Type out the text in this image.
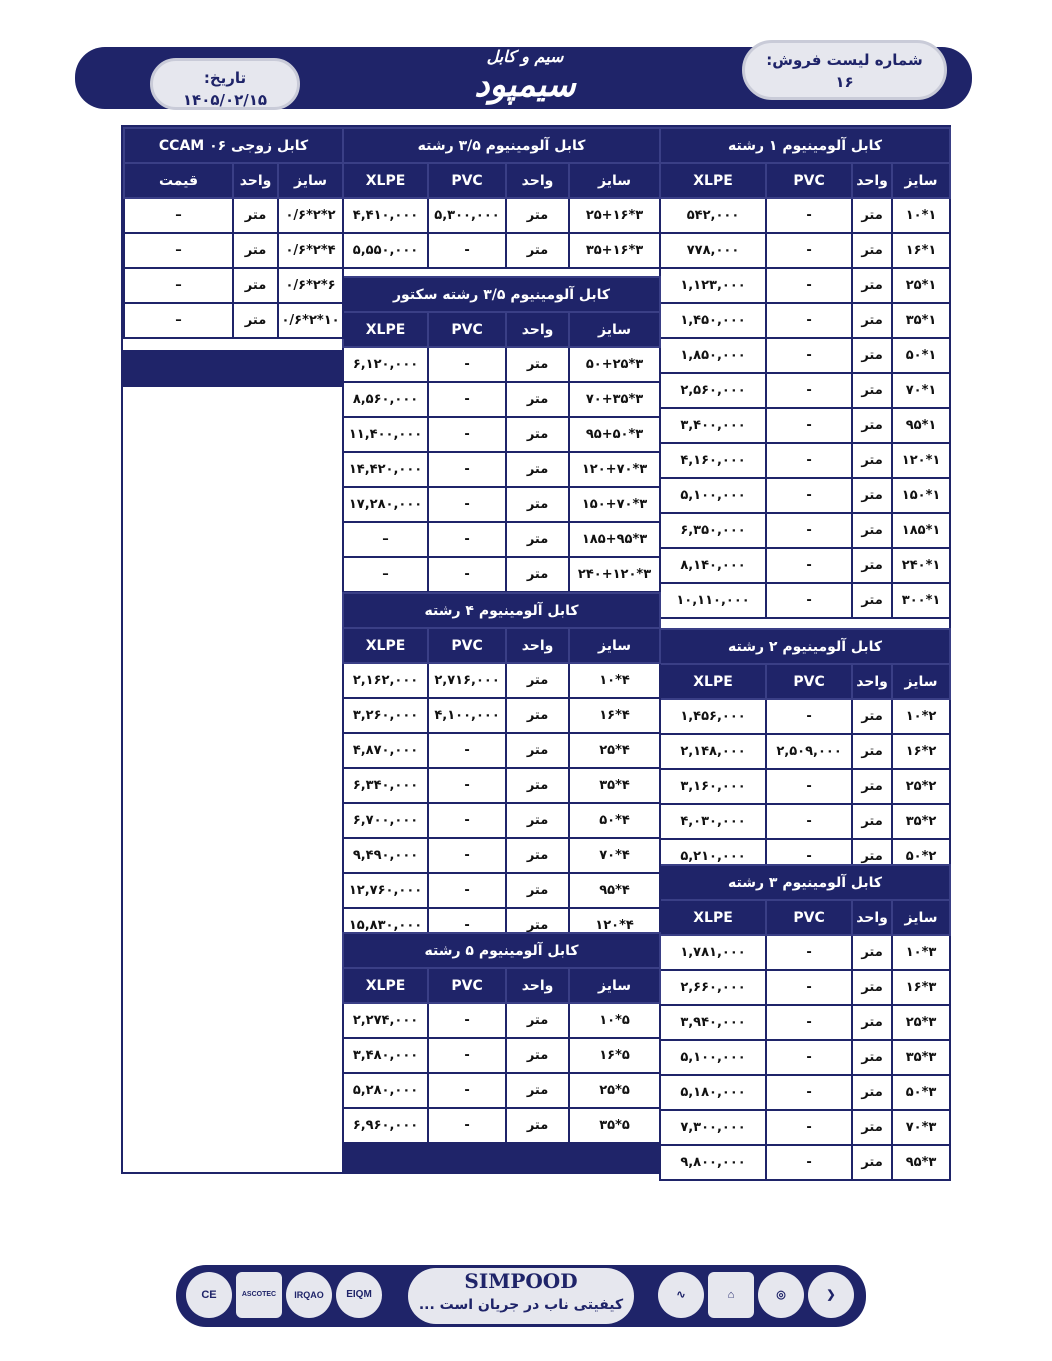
شماره لیست فروش:
۱۶
تاریخ:
۱۴۰۵/۰۲/۱۵
سیم و کابل
سیمپود
کابل آلومینیوم ۱ رشته			
سایز	واحد	PVC	XLPE
۱*۱۰	متر	-	۵۴۲,۰۰۰
۱*۱۶	متر	-	۷۷۸,۰۰۰
۱*۲۵	متر	-	۱,۱۲۳,۰۰۰
۱*۳۵	متر	-	۱,۴۵۰,۰۰۰
۱*۵۰	متر	-	۱,۸۵۰,۰۰۰
۱*۷۰	متر	-	۲,۵۶۰,۰۰۰
۱*۹۵	متر	-	۳,۴۰۰,۰۰۰
۱*۱۲۰	متر	-	۴,۱۶۰,۰۰۰
۱*۱۵۰	متر	-	۵,۱۰۰,۰۰۰
۱*۱۸۵	متر	-	۶,۳۵۰,۰۰۰
۱*۲۴۰	متر	-	۸,۱۴۰,۰۰۰
۱*۳۰۰	متر	-	۱۰,۱۱۰,۰۰۰
کابل آلومینیوم ۲ رشته			
سایز	واحد	PVC	XLPE
۲*۱۰	متر	-	۱,۴۵۶,۰۰۰
۲*۱۶	متر	۲,۵۰۹,۰۰۰	۲,۱۴۸,۰۰۰
۲*۲۵	متر	-	۳,۱۶۰,۰۰۰
۲*۳۵	متر	-	۴,۰۳۰,۰۰۰
۲*۵۰	متر	-	۵,۲۱۰,۰۰۰
کابل آلومینیوم ۳ رشته			
سایز	واحد	PVC	XLPE
۳*۱۰	متر	-	۱,۷۸۱,۰۰۰
۳*۱۶	متر	-	۲,۶۶۰,۰۰۰
۳*۲۵	متر	-	۳,۹۴۰,۰۰۰
۳*۳۵	متر	-	۵,۱۰۰,۰۰۰
۳*۵۰	متر	-	۵,۱۸۰,۰۰۰
۳*۷۰	متر	-	۷,۳۰۰,۰۰۰
۳*۹۵	متر	-	۹,۸۰۰,۰۰۰
کابل آلومینیوم ۳/۵ رشته			
سایز	واحد	PVC	XLPE
۳*۲۵+۱۶	متر	۵,۳۰۰,۰۰۰	۴,۴۱۰,۰۰۰
۳*۳۵+۱۶	متر	-	۵,۵۵۰,۰۰۰
کابل آلومینیوم ۳/۵ رشته سکتور			
سایز	واحد	PVC	XLPE
۳*۵۰+۲۵	متر	-	۶,۱۲۰,۰۰۰
۳*۷۰+۳۵	متر	-	۸,۵۶۰,۰۰۰
۳*۹۵+۵۰	متر	-	۱۱,۴۰۰,۰۰۰
۳*۱۲۰+۷۰	متر	-	۱۴,۴۲۰,۰۰۰
۳*۱۵۰+۷۰	متر	-	۱۷,۲۸۰,۰۰۰
۳*۱۸۵+۹۵	متر	-	–
۳*۲۴۰+۱۲۰	متر	-	–
کابل آلومینیوم ۴ رشته			
سایز	واحد	PVC	XLPE
۴*۱۰	متر	۲,۷۱۶,۰۰۰	۲,۱۶۲,۰۰۰
۴*۱۶	متر	۴,۱۰۰,۰۰۰	۳,۲۶۰,۰۰۰
۴*۲۵	متر	-	۴,۸۷۰,۰۰۰
۴*۳۵	متر	-	۶,۳۴۰,۰۰۰
۴*۵۰	متر	-	۶,۷۰۰,۰۰۰
۴*۷۰	متر	-	۹,۴۹۰,۰۰۰
۴*۹۵	متر	-	۱۲,۷۶۰,۰۰۰
۴*۱۲۰	متر	-	۱۵,۸۳۰,۰۰۰
کابل آلومینیوم ۵ رشته			
سایز	واحد	PVC	XLPE
۵*۱۰	متر	-	۲,۲۷۴,۰۰۰
۵*۱۶	متر	-	۳,۴۸۰,۰۰۰
۵*۲۵	متر	-	۵,۲۸۰,۰۰۰
۵*۳۵	متر	-	۶,۹۶۰,۰۰۰
کابل زوجی CCAM ۰۶		
سایز	واحد	قیمت
۲*۲*۰/۶	متر	–
۴*۲*۰/۶	متر	–
۶*۲*۰/۶	متر	–
۱۰*۲*۰/۶	متر	–
SIMPOOD
کیفیتی ناب در جریان است ...
CE	ASCOTEC	IRQAO	EIQM	∿	⌂	◎	❯
